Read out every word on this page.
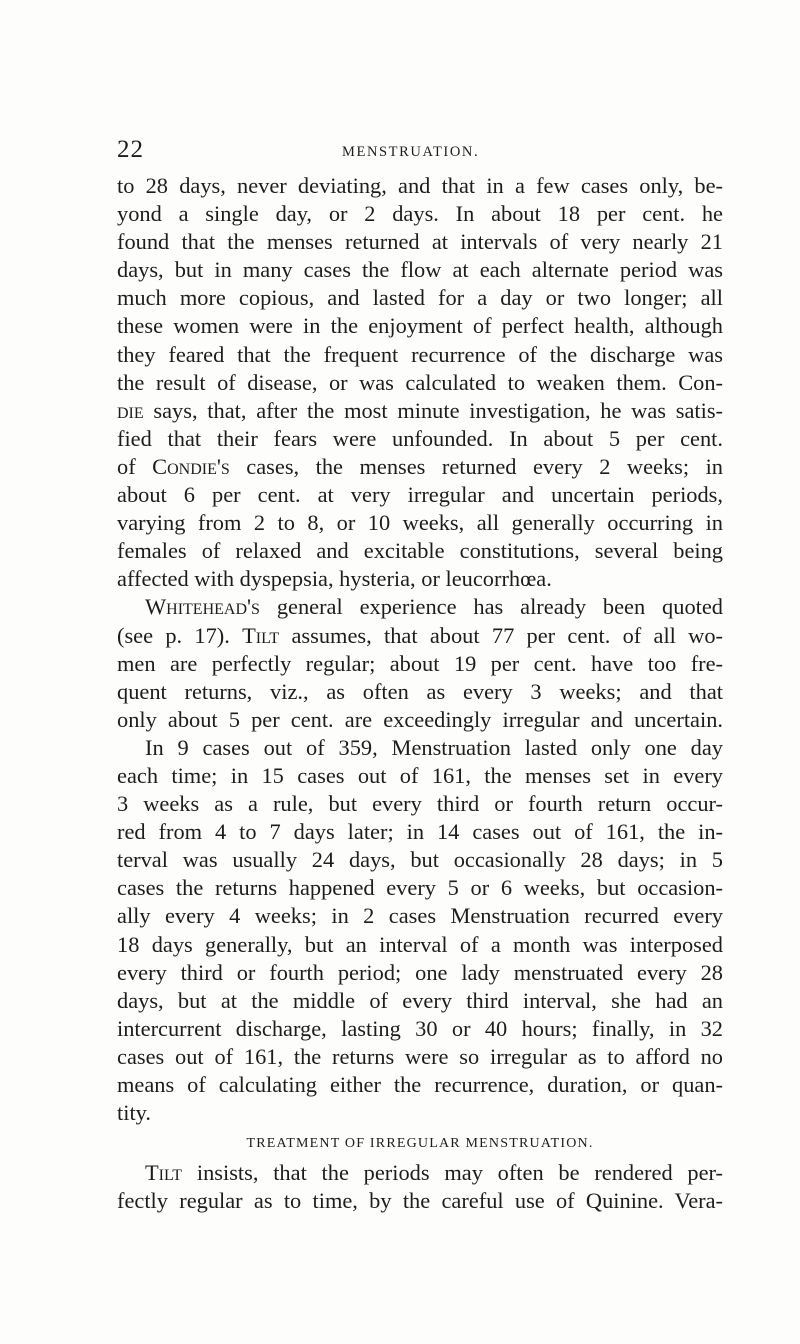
22	MENSTRUATION.
to 28 days, never deviating, and that in a few cases only, be-
yond a single day, or 2 days. In about 18 per cent. he
found that the menses returned at intervals of very nearly 21
days, but in many cases the flow at each alternate period was
much more copious, and lasted for a day or two longer; all
these women were in the enjoyment of perfect health, although
they feared that the frequent recurrence of the discharge was
the result of disease, or was calculated to weaken them. Con-
die says, that, after the most minute investigation, he was satis-
fied that their fears were unfounded. In about 5 per cent.
of Condie's cases, the menses returned every 2 weeks; in
about 6 per cent. at very irregular and uncertain periods,
varying from 2 to 8, or 10 weeks, all generally occurring in
females of relaxed and excitable constitutions, several being
affected with dyspepsia, hysteria, or leucorrhœa.
Whitehead's general experience has already been quoted
(see p. 17). Tilt assumes, that about 77 per cent. of all wo-
men are perfectly regular; about 19 per cent. have too fre-
quent returns, viz., as often as every 3 weeks; and that
only about 5 per cent. are exceedingly irregular and uncertain.
In 9 cases out of 359, Menstruation lasted only one day
each time; in 15 cases out of 161, the menses set in every
3 weeks as a rule, but every third or fourth return occur-
red from 4 to 7 days later; in 14 cases out of 161, the in-
terval was usually 24 days, but occasionally 28 days; in 5
cases the returns happened every 5 or 6 weeks, but occasion-
ally every 4 weeks; in 2 cases Menstruation recurred every
18 days generally, but an interval of a month was interposed
every third or fourth period; one lady menstruated every 28
days, but at the middle of every third interval, she had an
intercurrent discharge, lasting 30 or 40 hours; finally, in 32
cases out of 161, the returns were so irregular as to afford no
means of calculating either the recurrence, duration, or quan-
tity.
TREATMENT OF IRREGULAR MENSTRUATION.
Tilt insists, that the periods may often be rendered per-
fectly regular as to time, by the careful use of Quinine. Vera-
